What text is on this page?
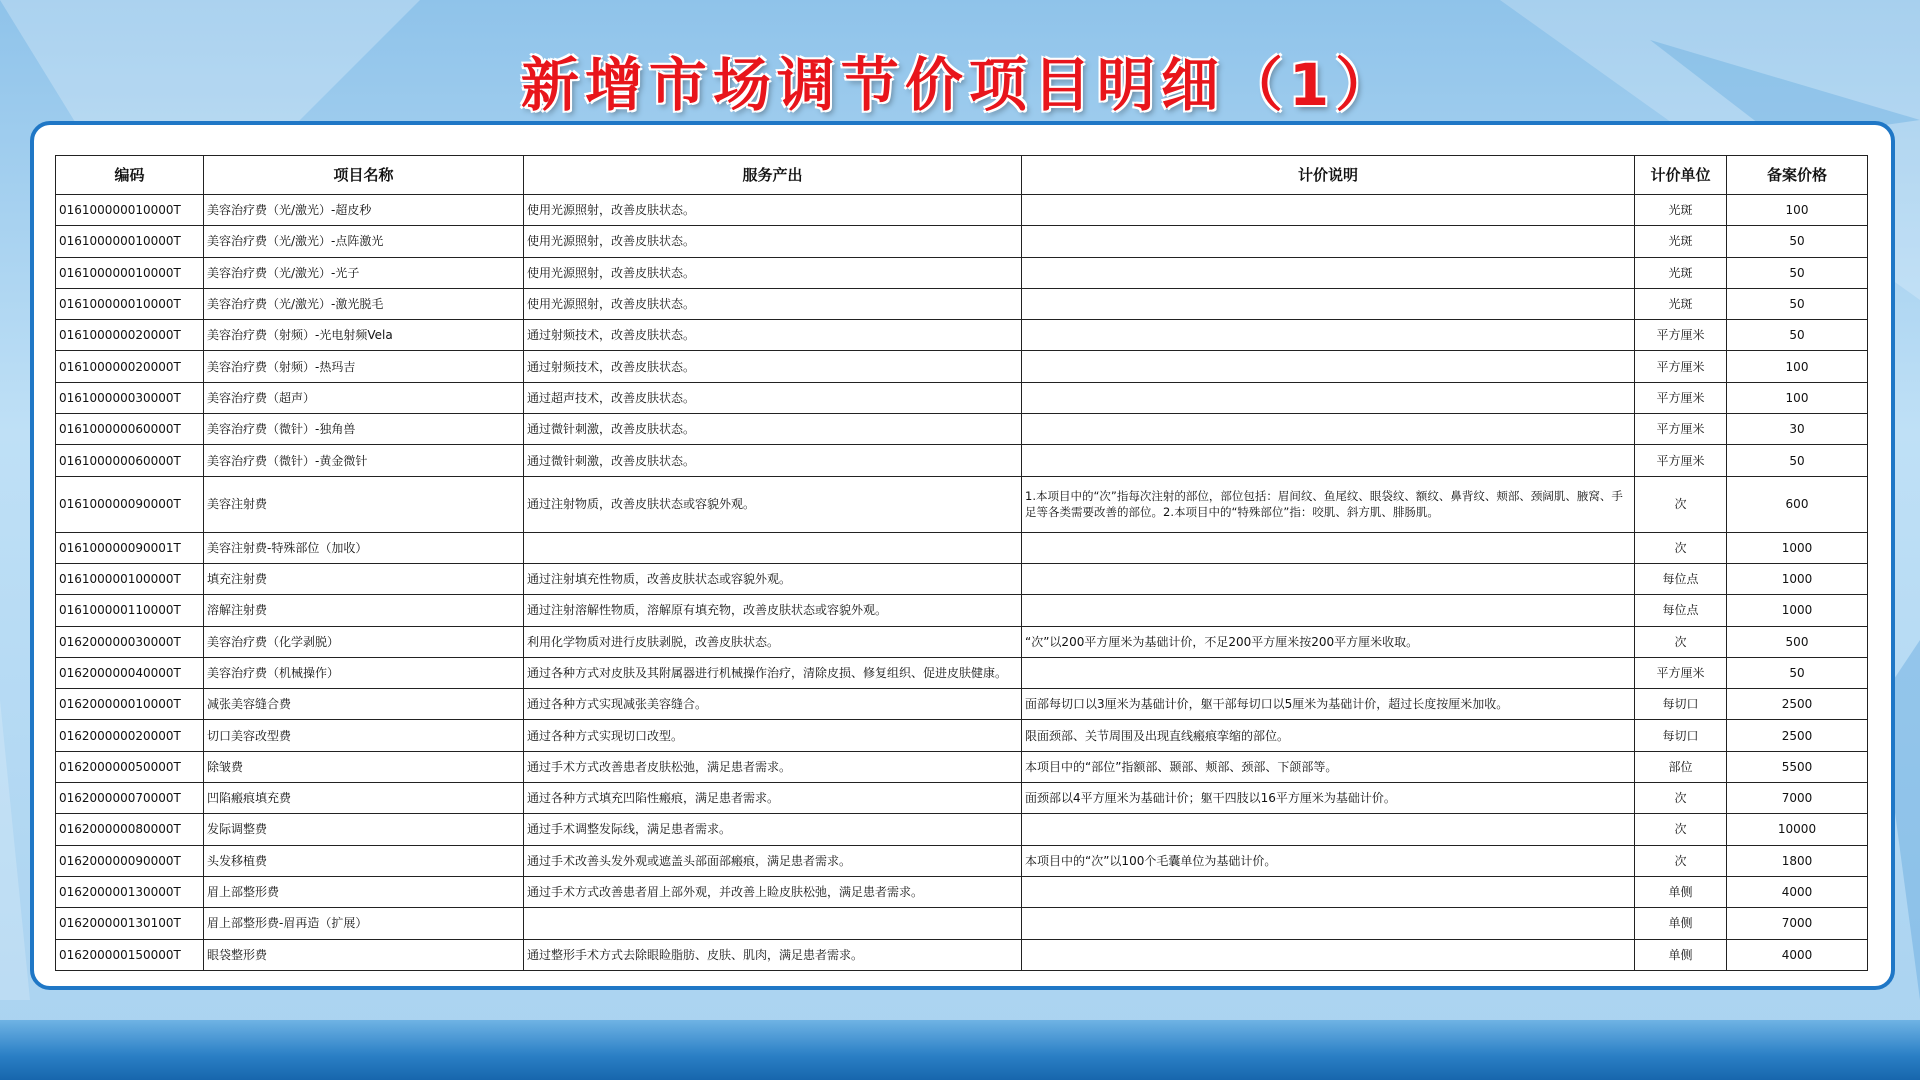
新增市场调节价项目明细（1）
编码	项目名称	服务产出	计价说明	计价单位	备案价格
016100000010000T	美容治疗费（光/激光）-超皮秒	使用光源照射，改善皮肤状态。		光斑	100
016100000010000T	美容治疗费（光/激光）-点阵激光	使用光源照射，改善皮肤状态。		光斑	50
016100000010000T	美容治疗费（光/激光）-光子	使用光源照射，改善皮肤状态。		光斑	50
016100000010000T	美容治疗费（光/激光）-激光脱毛	使用光源照射，改善皮肤状态。		光斑	50
016100000020000T	美容治疗费（射频）-光电射频Vela	通过射频技术，改善皮肤状态。		平方厘米	50
016100000020000T	美容治疗费（射频）-热玛吉	通过射频技术，改善皮肤状态。		平方厘米	100
016100000030000T	美容治疗费（超声）	通过超声技术，改善皮肤状态。		平方厘米	100
016100000060000T	美容治疗费（微针）-独角兽	通过微针刺激，改善皮肤状态。		平方厘米	30
016100000060000T	美容治疗费（微针）-黄金微针	通过微针刺激，改善皮肤状态。		平方厘米	50
016100000090000T	美容注射费	通过注射物质，改善皮肤状态或容貌外观。	1.本项目中的“次”指每次注射的部位，部位包括：眉间纹、鱼尾纹、眼袋纹、额纹、鼻背纹、颊部、颈阔肌、腋窝、手足等各类需要改善的部位。2.本项目中的“特殊部位”指：咬肌、斜方肌、腓肠肌。	次	600
016100000090001T	美容注射费-特殊部位（加收）			次	1000
016100000100000T	填充注射费	通过注射填充性物质，改善皮肤状态或容貌外观。		每位点	1000
016100000110000T	溶解注射费	通过注射溶解性物质，溶解原有填充物，改善皮肤状态或容貌外观。		每位点	1000
016200000030000T	美容治疗费（化学剥脱）	利用化学物质对进行皮肤剥脱，改善皮肤状态。	“次”以200平方厘米为基础计价，不足200平方厘米按200平方厘米收取。	次	500
016200000040000T	美容治疗费（机械操作）	通过各种方式对皮肤及其附属器进行机械操作治疗，清除皮损、修复组织、促进皮肤健康。		平方厘米	50
016200000010000T	减张美容缝合费	通过各种方式实现减张美容缝合。	面部每切口以3厘米为基础计价，躯干部每切口以5厘米为基础计价，超过长度按厘米加收。	每切口	2500
016200000020000T	切口美容改型费	通过各种方式实现切口改型。	限面颈部、关节周围及出现直线瘢痕挛缩的部位。	每切口	2500
016200000050000T	除皱费	通过手术方式改善患者皮肤松弛，满足患者需求。	本项目中的“部位”指额部、颞部、颊部、颈部、下颌部等。	部位	5500
016200000070000T	凹陷瘢痕填充费	通过各种方式填充凹陷性瘢痕，满足患者需求。	面颈部以4平方厘米为基础计价；躯干四肢以16平方厘米为基础计价。	次	7000
016200000080000T	发际调整费	通过手术调整发际线，满足患者需求。		次	10000
016200000090000T	头发移植费	通过手术改善头发外观或遮盖头部面部瘢痕，满足患者需求。	本项目中的“次”以100个毛囊单位为基础计价。	次	1800
016200000130000T	眉上部整形费	通过手术方式改善患者眉上部外观，并改善上睑皮肤松弛，满足患者需求。		单侧	4000
016200000130100T	眉上部整形费-眉再造（扩展）			单侧	7000
016200000150000T	眼袋整形费	通过整形手术方式去除眼睑脂肪、皮肤、肌肉，满足患者需求。		单侧	4000
